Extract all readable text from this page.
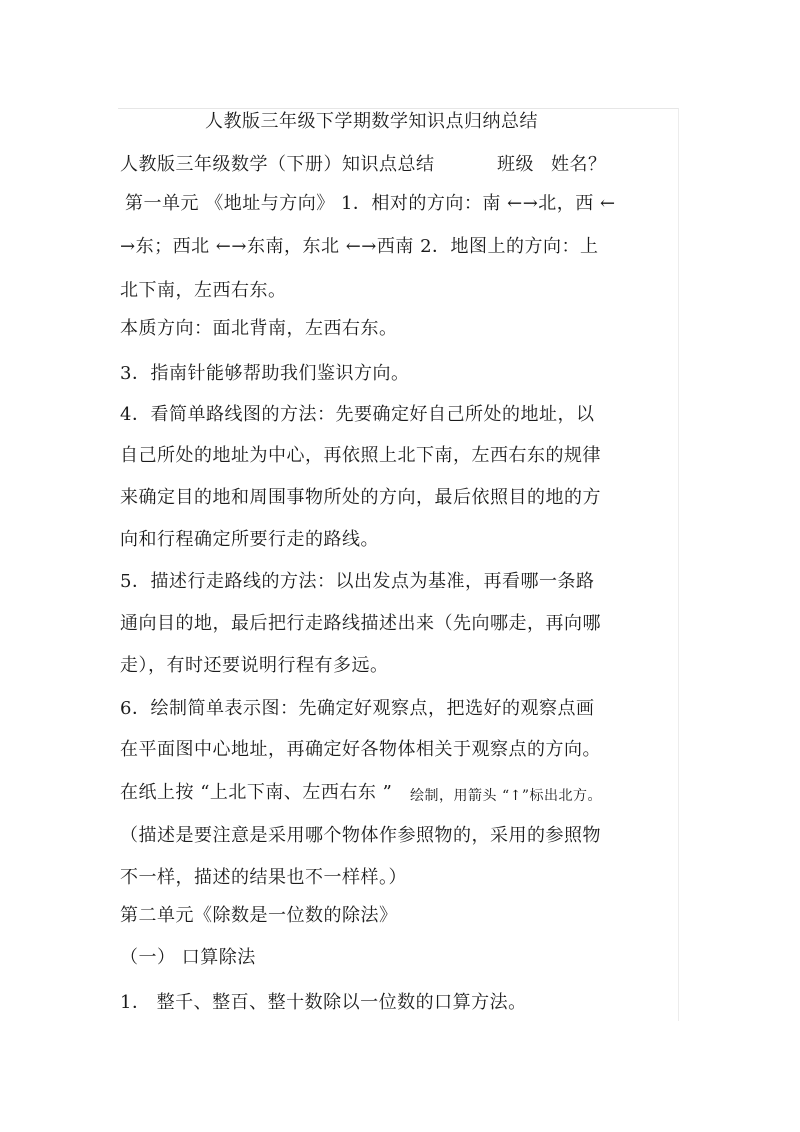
人教版三年级下学期数学知识点归纳总结
人教版三年级数学（下册）知识点总结	班级 姓名？
第一单元 《地址与方向》 1．相对的方向：南 ←→北，西 ←
→东；西北 ←→东南，东北 ←→西南 2．地图上的方向：上
北下南，左西右东。
本质方向：面北背南，左西右东。
3．指南针能够帮助我们鉴识方向。
4．看简单路线图的方法：先要确定好自己所处的地址，以
自己所处的地址为中心，再依照上北下南，左西右东的规律
来确定目的地和周围事物所处的方向，最后依照目的地的方
向和行程确定所要行走的路线。
5．描述行走路线的方法：以出发点为基准，再看哪一条路
通向目的地，最后把行走路线描述出来（先向哪走，再向哪
走），有时还要说明行程有多远。
6．绘制简单表示图：先确定好观察点，把选好的观察点画
在平面图中心地址，再确定好各物体相关于观察点的方向。
在纸上按 “上北下南、左西右东 ” 绘制，用箭头 “↑”标出北方。
（描述是要注意是采用哪个物体作参照物的，采用的参照物
不一样，描述的结果也不一样样。）
第二单元《除数是一位数的除法》
（一） 口算除法
1． 整千、整百、整十数除以一位数的口算方法。
